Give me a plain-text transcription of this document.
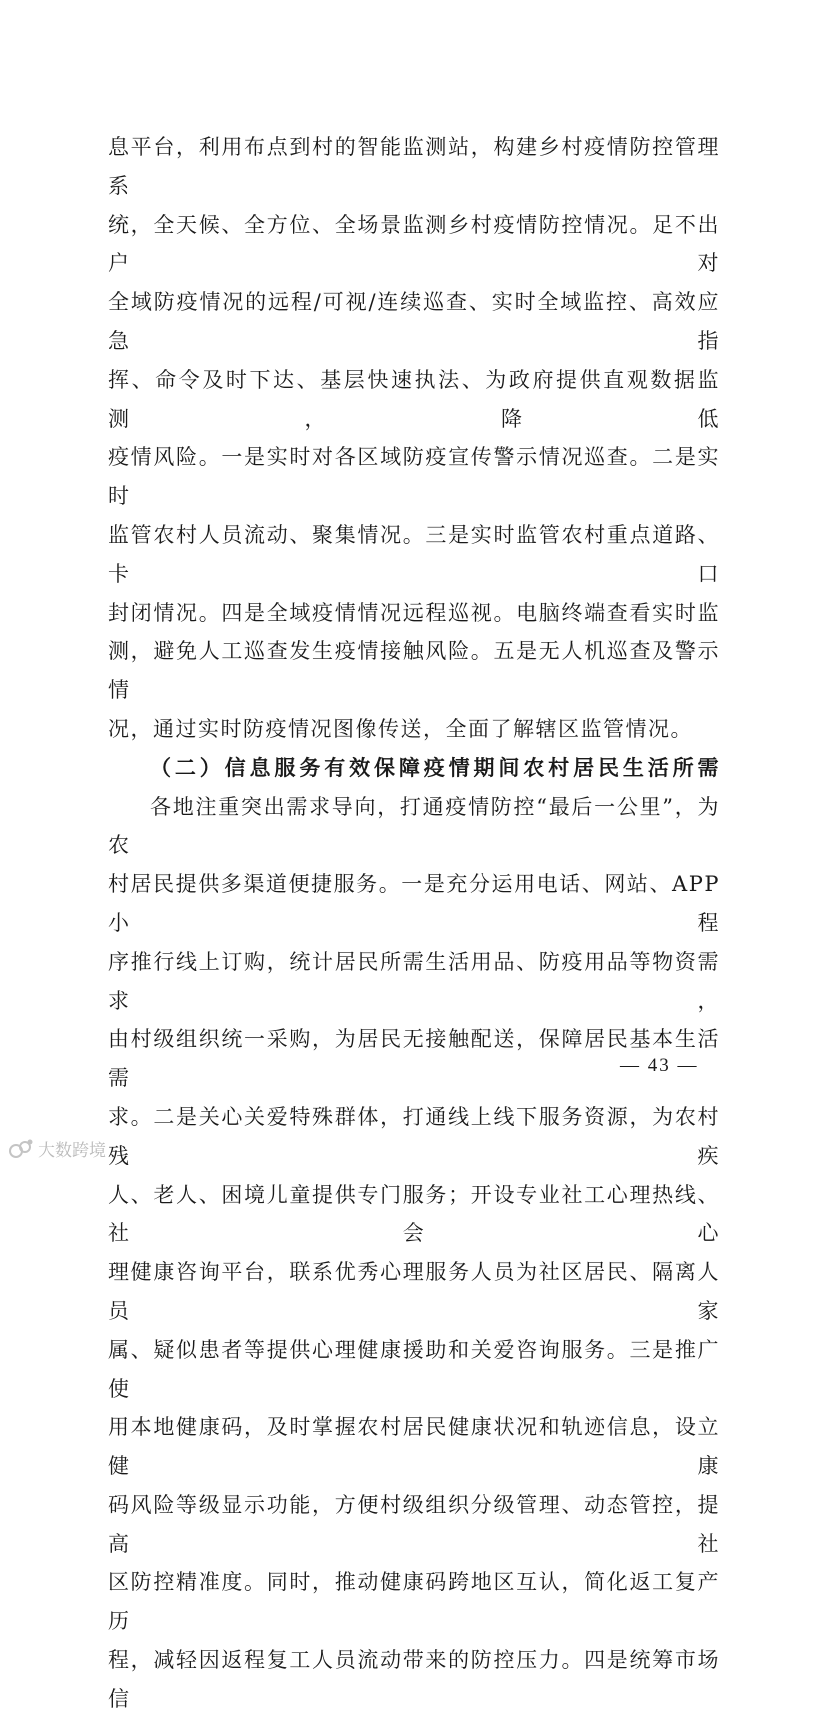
息平台，利用布点到村的智能监测站，构建乡村疫情防控管理系

统，全天候、全方位、全场景监测乡村疫情防控情况。足不出户对

全域防疫情况的远程/可视/连续巡查、实时全域监控、高效应急指

挥、命令及时下达、基层快速执法、为政府提供直观数据监测，降低

疫情风险。一是实时对各区域防疫宣传警示情况巡查。二是实时

监管农村人员流动、聚集情况。三是实时监管农村重点道路、卡口

封闭情况。四是全域疫情情况远程巡视。电脑终端查看实时监

测，避免人工巡查发生疫情接触风险。五是无人机巡查及警示情

况，通过实时防疫情况图像传送，全面了解辖区监管情况。

（二）信息服务有效保障疫情期间农村居民生活所需

各地注重突出需求导向，打通疫情防控“最后一公里”，为农

村居民提供多渠道便捷服务。一是充分运用电话、网站、APP 小程

序推行线上订购，统计居民所需生活用品、防疫用品等物资需求，

由村级组织统一采购，为居民无接触配送，保障居民基本生活需

求。二是关心关爱特殊群体，打通线上线下服务资源，为农村残疾

人、老人、困境儿童提供专门服务；开设专业社工心理热线、社会心

理健康咨询平台，联系优秀心理服务人员为社区居民、隔离人员家

属、疑似患者等提供心理健康援助和关爱咨询服务。三是推广使

用本地健康码，及时掌握农村居民健康状况和轨迹信息，设立健康

码风险等级显示功能，方便村级组织分级管理、动态管控，提高社

区防控精准度。同时，推动健康码跨地区互认，简化返工复产历

程，减轻因返程复工人员流动带来的防控压力。四是统筹市场信

— 43 —
大数跨境
